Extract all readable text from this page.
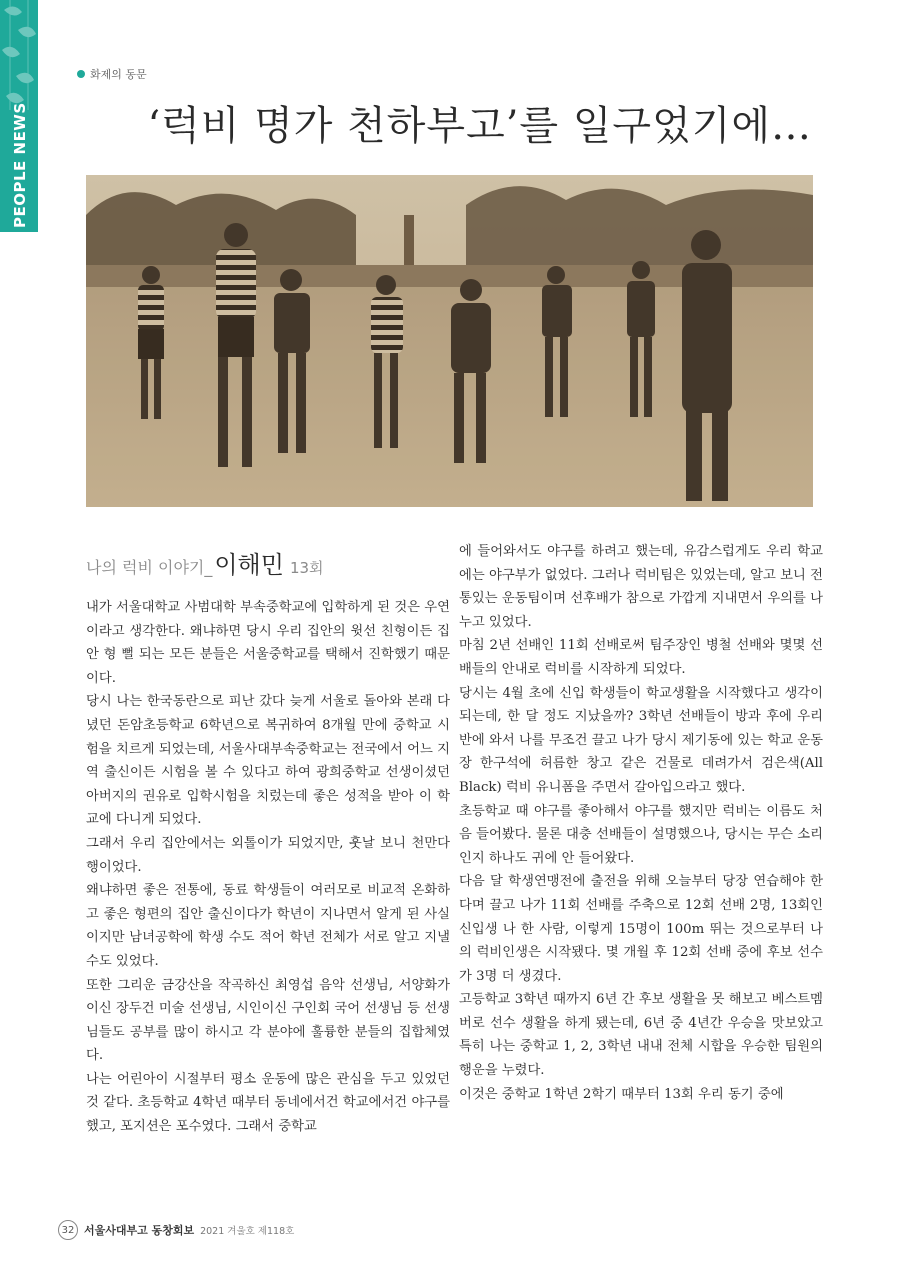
PEOPLE NEWS
화제의 동문
‘럭비 명가 천하부고’를 일구었기에…
나의 럭비 이야기_이해민 13회

내가 서울대학교 사범대학 부속중학교에 입학하게 된 것은 우연이라고 생각한다. 왜냐하면 당시 우리 집안의 윗선 친형이든 집안 형 뻘 되는 모든 분들은 서울중학교를 택해서 진학했기 때문이다.

당시 나는 한국동란으로 피난 갔다 늦게 서울로 돌아와 본래 다녔던 돈암초등학교 6학년으로 복귀하여 8개월 만에 중학교 시험을 치르게 되었는데, 서울사대부속중학교는 전국에서 어느 지역 출신이든 시험을 볼 수 있다고 하여 광희중학교 선생이셨던 아버지의 권유로 입학시험을 치렀는데 좋은 성적을 받아 이 학교에 다니게 되었다.

그래서 우리 집안에서는 외톨이가 되었지만, 훗날 보니 천만다행이었다.

왜냐하면 좋은 전통에, 동료 학생들이 여러모로 비교적 온화하고 좋은 형편의 집안 출신이다가 학년이 지나면서 알게 된 사실이지만 남녀공학에 학생 수도 적어 학년 전체가 서로 알고 지낼 수도 있었다.

또한 그리운 금강산을 작곡하신 최영섭 음악 선생님, 서양화가이신 장두건 미술 선생님, 시인이신 구인회 국어 선생님 등 선생님들도 공부를 많이 하시고 각 분야에 훌륭한 분들의 집합체였다.

나는 어린아이 시절부터 평소 운동에 많은 관심을 두고 있었던 것 같다. 초등학교 4학년 때부터 동네에서건 학교에서건 야구를 했고, 포지션은 포수였다. 그래서 중학교

에 들어와서도 야구를 하려고 했는데, 유감스럽게도 우리 학교에는 야구부가 없었다. 그러나 럭비팀은 있었는데, 알고 보니 전통있는 운동팀이며 선후배가 참으로 가깝게 지내면서 우의를 나누고 있었다.

마침 2년 선배인 11회 선배로써 팀주장인 병철 선배와 몇몇 선배들의 안내로 럭비를 시작하게 되었다.

당시는 4월 초에 신입 학생들이 학교생활을 시작했다고 생각이 되는데, 한 달 정도 지났을까? 3학년 선배들이 방과 후에 우리 반에 와서 나를 무조건 끌고 나가 당시 제기동에 있는 학교 운동장 한구석에 허름한 창고 같은 건물로 데려가서 검은색(All Black) 럭비 유니폼을 주면서 갈아입으라고 했다.

초등학교 때 야구를 좋아해서 야구를 했지만 럭비는 이름도 처음 들어봤다. 물론 대충 선배들이 설명했으나, 당시는 무슨 소리인지 하나도 귀에 안 들어왔다.

다음 달 학생연맹전에 출전을 위해 오늘부터 당장 연습해야 한다며 끌고 나가 11회 선배를 주축으로 12회 선배 2명, 13회인 신입생 나 한 사람, 이렇게 15명이 100m 뛰는 것으로부터 나의 럭비인생은 시작됐다. 몇 개월 후 12회 선배 중에 후보 선수가 3명 더 생겼다.

고등학교 3학년 때까지 6년 간 후보 생활을 못 해보고 베스트멤버로 선수 생활을 하게 됐는데, 6년 중 4년간 우승을 맛보았고 특히 나는 중학교 1, 2, 3학년 내내 전체 시합을 우승한 팀원의 행운을 누렸다.

이것은 중학교 1학년 2학기 때부터 13회 우리 동기 중에

32 서울사대부고 동창회보 2021 겨울호 제118호
